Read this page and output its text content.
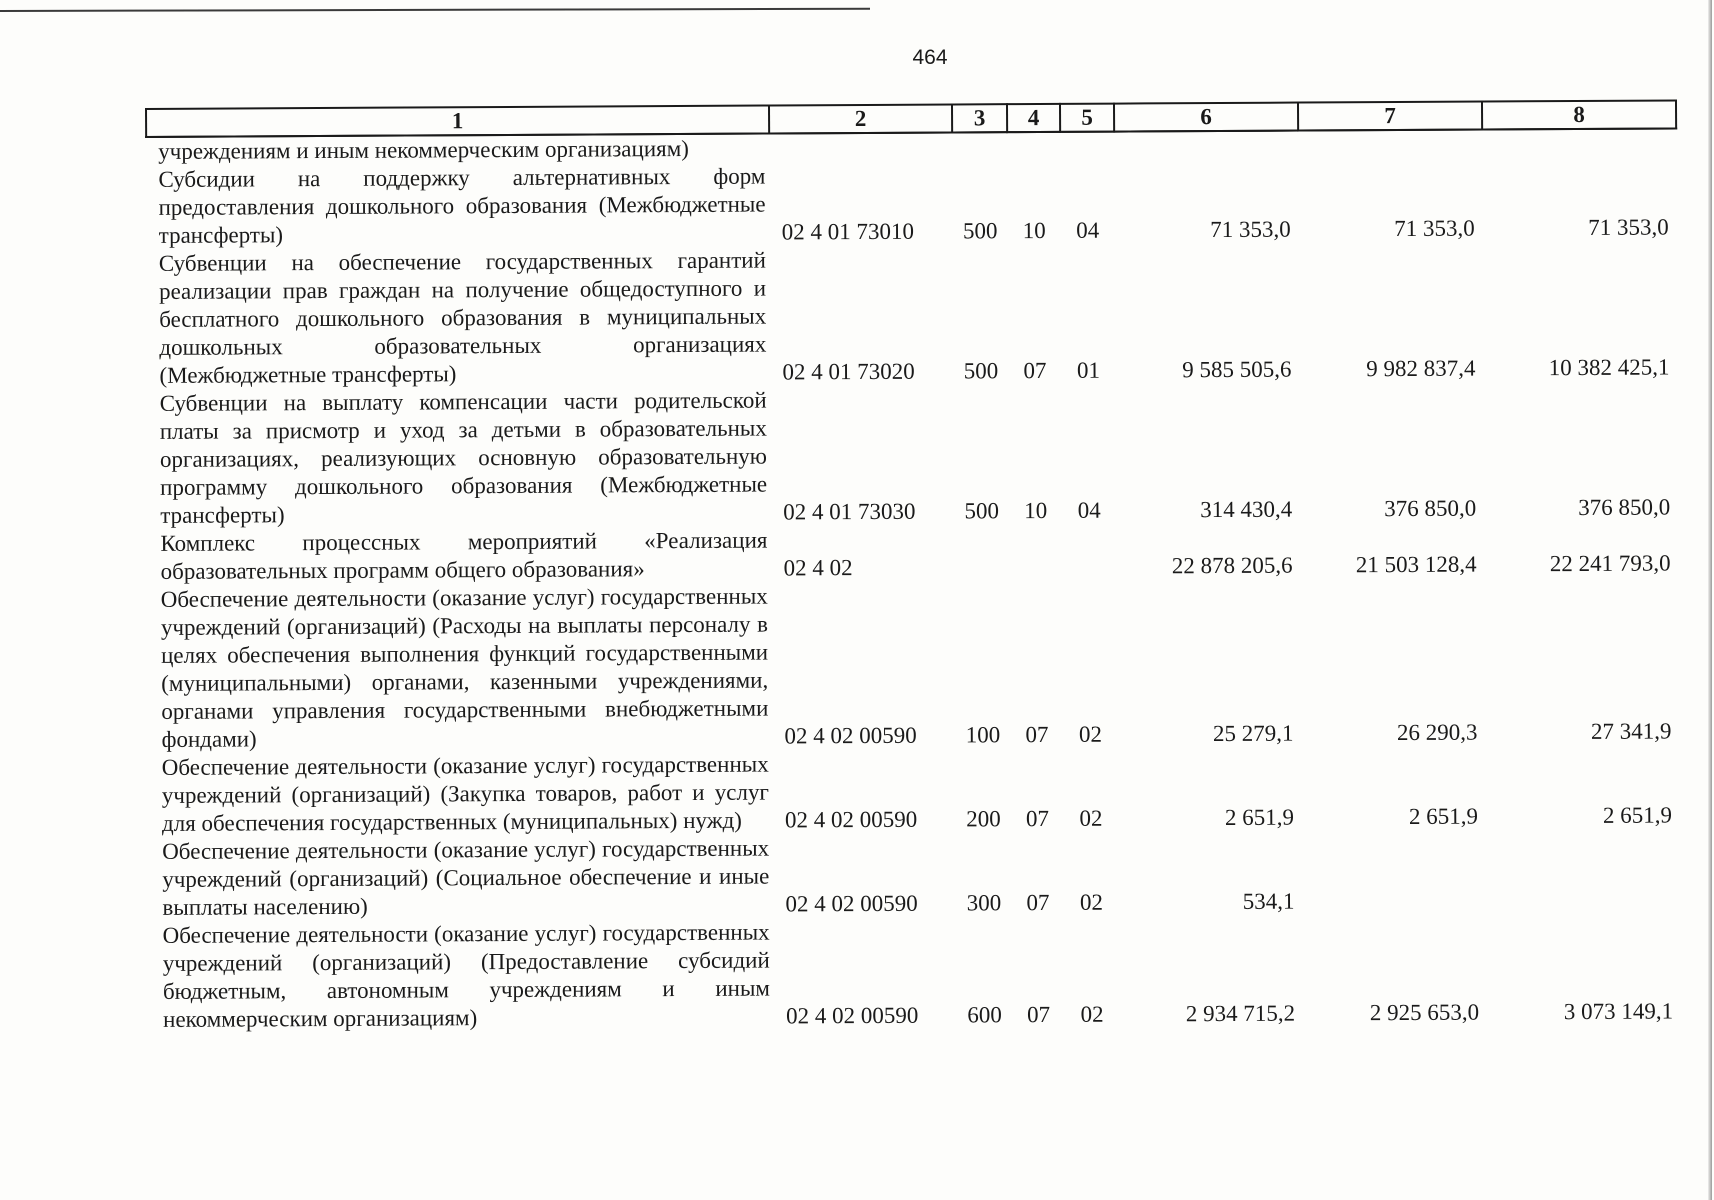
464
1	2	3	4	5	6	7	8
учреждениям и иным некоммерческим организациям)							
Субсидии на поддержку альтернативных форм предоставления дошкольного образования (Межбюджетные трансферты)	02 4 01 73010	500	10	04	71 353,0	71 353,0	71 353,0
Субвенции на обеспечение государственных гарантий реализации прав граждан на получение общедоступного и бесплатного дошкольного образования в муниципальных дошкольных образовательных организациях (Межбюджетные трансферты)	02 4 01 73020	500	07	01	9 585 505,6	9 982 837,4	10 382 425,1
Субвенции на выплату компенсации части родительской платы за присмотр и уход за детьми в образовательных организациях, реализующих основную образовательную программу дошкольного образования (Межбюджетные трансферты)	02 4 01 73030	500	10	04	314 430,4	376 850,0	376 850,0
Комплекс процессных мероприятий «Реализация образовательных программ общего образования»	02 4 02				22 878 205,6	21 503 128,4	22 241 793,0
Обеспечение деятельности (оказание услуг) государственных учреждений (организаций) (Расходы на выплаты персоналу в целях обеспечения выполнения функций государственными (муниципальными) органами, казенными учреждениями, органами управления государственными внебюджетными фондами)	02 4 02 00590	100	07	02	25 279,1	26 290,3	27 341,9
Обеспечение деятельности (оказание услуг) государственных учреждений (организаций) (Закупка товаров, работ и услуг для обеспечения государственных (муниципальных) нужд)	02 4 02 00590	200	07	02	2 651,9	2 651,9	2 651,9
Обеспечение деятельности (оказание услуг) государственных учреждений (организаций) (Социальное обеспечение и иные выплаты населению)	02 4 02 00590	300	07	02	534,1		
Обеспечение деятельности (оказание услуг) государственных учреждений (организаций) (Предоставление субсидий бюджетным, автономным учреждениям и иным некоммерческим организациям)	02 4 02 00590	600	07	02	2 934 715,2	2 925 653,0	3 073 149,1
